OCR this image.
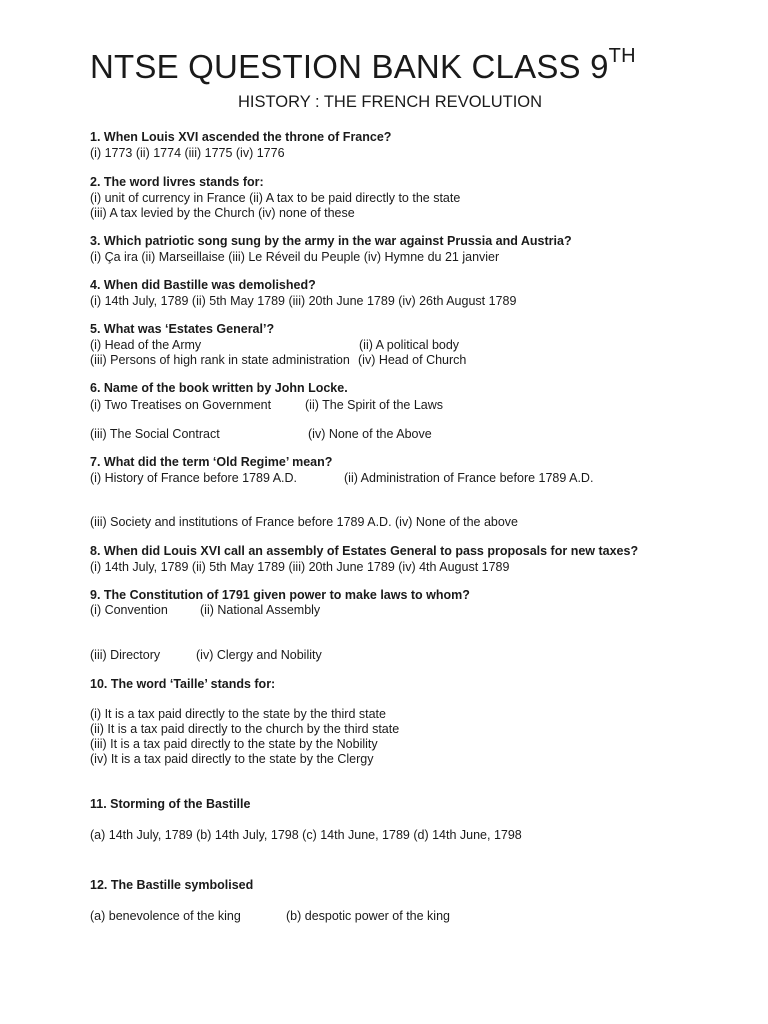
NTSE QUESTION BANK CLASS 9TH
HISTORY : THE FRENCH REVOLUTION
1. When Louis XVI ascended the throne of France?
(i) 1773 (ii) 1774 (iii) 1775 (iv) 1776
2. The word livres stands for:
(i) unit of currency in France (ii) A tax to be paid directly to the state
(iii) A tax levied by the Church (iv) none of these
3. Which patriotic song sung by the army in the war against Prussia and Austria?
(i) Ça ira (ii) Marseillaise (iii) Le Réveil du Peuple (iv) Hymne du 21 janvier
4. When did Bastille was demolished?
(i) 14th July, 1789 (ii) 5th May 1789 (iii) 20th June 1789 (iv) 26th August 1789
5. What was ‘Estates General’?
(i) Head of the Army	(ii) A political body
(iii) Persons of high rank in state administration (iv) Head of Church
6. Name of the book written by John Locke.
(i) Two Treatises on Government	(ii) The Spirit of the Laws
(iii) The Social Contract	(iv) None of the Above
7. What did the term ‘Old Regime’ mean?
(i) History of France before 1789 A.D.	(ii) Administration of France before 1789 A.D.
(iii) Society and institutions of France before 1789 A.D. (iv) None of the above
8. When did Louis XVI call an assembly of Estates General to pass proposals for new taxes?
(i) 14th July, 1789 (ii) 5th May 1789 (iii) 20th June 1789 (iv) 4th August 1789
9. The Constitution of 1791 given power to make laws to whom?
(i) Convention	(ii) National Assembly
(iii) Directory	(iv) Clergy and Nobility
10. The word ‘Taille’ stands for:
(i) It is a tax paid directly to the state by the third state
(ii) It is a tax paid directly to the church by the third state
(iii) It is a tax paid directly to the state by the Nobility
(iv) It is a tax paid directly to the state by the Clergy
11. Storming of the Bastille
(a) 14th July, 1789 (b) 14th July, 1798 (c) 14th June, 1789 (d) 14th June, 1798
12. The Bastille symbolised
(a) benevolence of the king	(b) despotic power of the king
